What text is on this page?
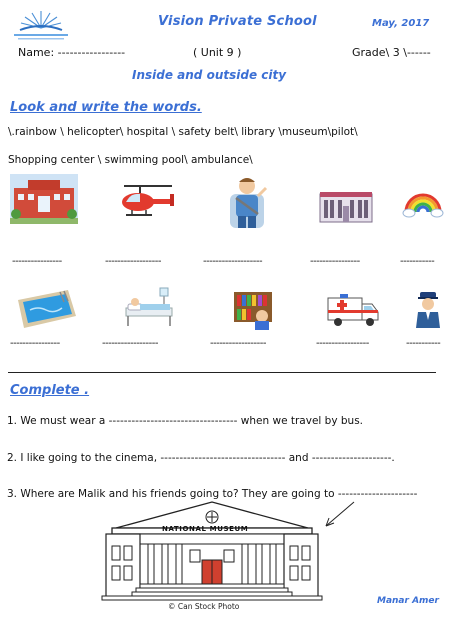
Vision Private School	May, 2017
Name: -----------------	( Unit 9 )	Grade\ 3 \------
Inside and outside city
Look and write the words.
\.rainbow \ helicopter\ hospital \ safety belt\ library \museum\pilot\
Shopping center \ swimming pool\ ambulance\
----------------	------------------	-------------------	----------------	-----------
----------------	------------------	------------------	-----------------	-----------
Complete .
1. We must wear a ---------------------------------- when we travel by bus.
2. I like going to the cinema, --------------------------------- and ---------------------.
3. Where are Malik and his friends going to? They are going to ---------------------
NATIONAL MUSEUM
© Can Stock Photo
Manar Amer
